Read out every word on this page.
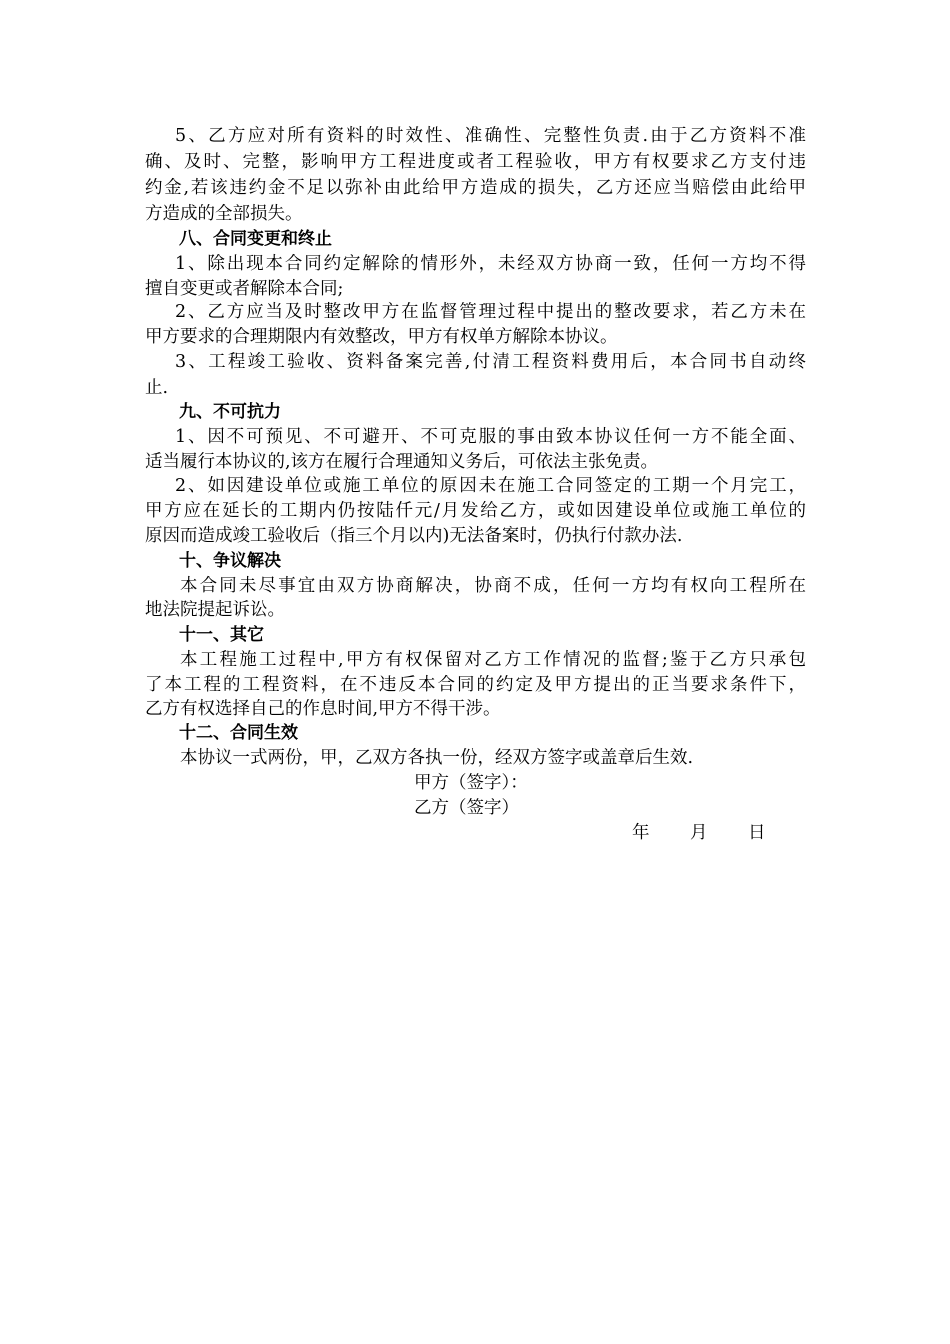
5、乙方应对所有资料的时效性、准确性、完整性负责.由于乙方资料不准
确、及时、完整，影响甲方工程进度或者工程验收，甲方有权要求乙方支付违
约金,若该违约金不足以弥补由此给甲方造成的损失，乙方还应当赔偿由此给甲
方造成的全部损失。
八、合同变更和终止
1、除出现本合同约定解除的情形外，未经双方协商一致，任何一方均不得
擅自变更或者解除本合同;
2、乙方应当及时整改甲方在监督管理过程中提出的整改要求，若乙方未在
甲方要求的合理期限内有效整改，甲方有权单方解除本协议。
3、工程竣工验收、资料备案完善,付清工程资料费用后，本合同书自动终
止.
九、不可抗力
1、因不可预见、不可避开、不可克服的事由致本协议任何一方不能全面、
适当履行本协议的,该方在履行合理通知义务后，可依法主张免责。
2、如因建设单位或施工单位的原因未在施工合同签定的工期一个月完工，
甲方应在延长的工期内仍按陆仟元/月发给乙方，或如因建设单位或施工单位的
原因而造成竣工验收后（指三个月以内)无法备案时，仍执行付款办法.
十、争议解决
本合同未尽事宜由双方协商解决，协商不成，任何一方均有权向工程所在
地法院提起诉讼。
十一、其它
本工程施工过程中,甲方有权保留对乙方工作情况的监督;鉴于乙方只承包
了本工程的工程资料，在不违反本合同的约定及甲方提出的正当要求条件下，
乙方有权选择自己的作息时间,甲方不得干涉。
十二、合同生效
本协议一式两份，甲，乙双方各执一份，经双方签字或盖章后生效.
甲方（签字）：
乙方（签字）
年 月 日
